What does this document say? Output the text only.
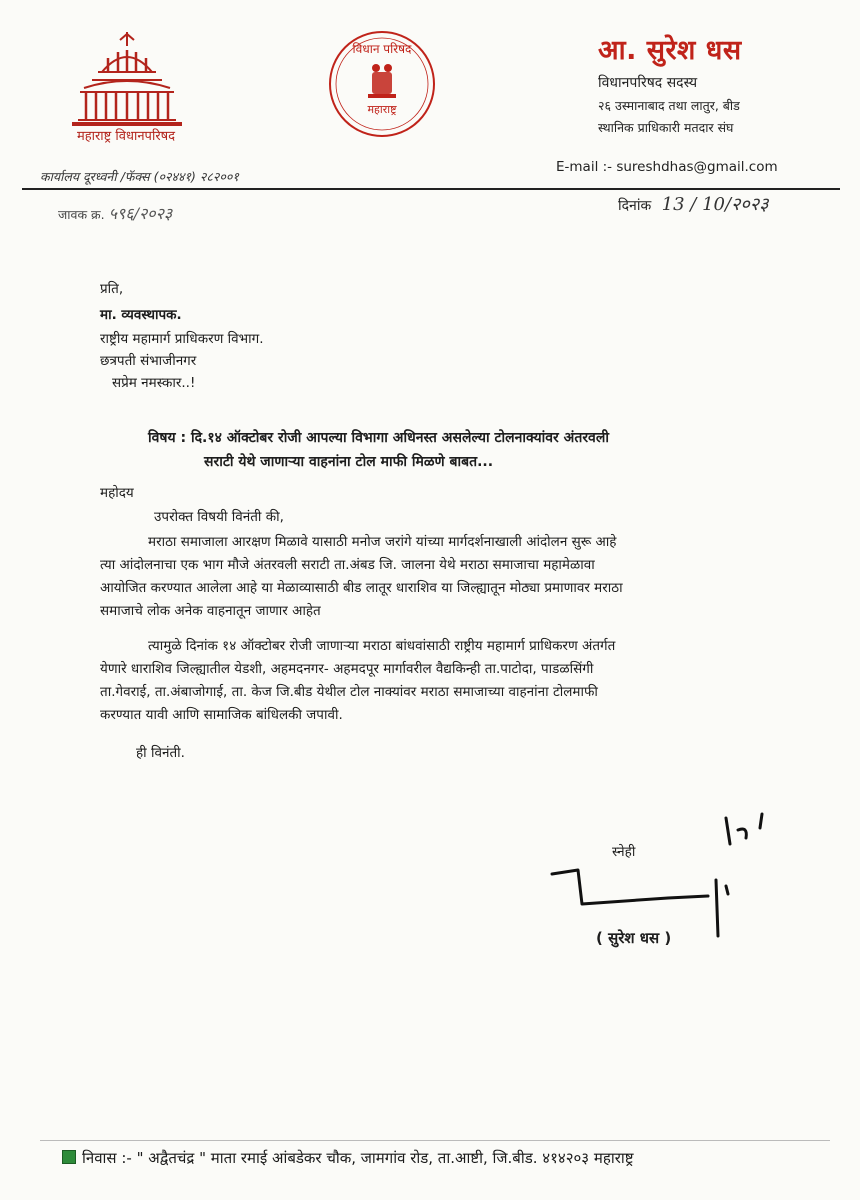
महाराष्ट्र विधानपरिषद
विधान परिषद
महाराष्ट्र
आ. सुरेश धस
विधानपरिषद सदस्य
२६ उस्मानाबाद तथा लातुर, बीड
स्थानिक प्राधिकारी मतदार संघ
कार्यालय दूरध्वनी /फॅक्स (०२४४१) २८२००१
E-mail :- sureshdhas@gmail.com
जावक क्र. ५९६/२०२३	दिनांक 13 / 10/२०२३
प्रति,
मा. व्यवस्थापक.
राष्ट्रीय महामार्ग प्राधिकरण विभाग.
छत्रपती संभाजीनगर
सप्रेम नमस्कार..!
विषय : दि.१४ ऑक्टोबर रोजी आपल्या विभागा अधिनस्त असलेल्या टोलनाक्यांवर अंतरवली
सराटी येथे जाणाऱ्या वाहनांना टोल माफी मिळणे बाबत...
महोदय
उपरोक्त विषयी विनंती की,

मराठा समाजाला आरक्षण मिळावे यासाठी मनोज जरांगे यांच्या मार्गदर्शनाखाली आंदोलन सुरू आहे

त्या आंदोलनाचा एक भाग मौजे अंतरवली सराटी ता.अंबड जि. जालना येथे मराठा समाजाचा महामेळावा

आयोजित करण्यात आलेला आहे या मेळाव्यासाठी बीड लातूर धाराशिव या जिल्ह्यातून मोठ्या प्रमाणावर मराठा

समाजाचे लोक अनेक वाहनातून जाणार आहेत

त्यामुळे दिनांक १४ ऑक्टोबर रोजी जाणाऱ्या मराठा बांधवांसाठी राष्ट्रीय महामार्ग प्राधिकरण अंतर्गत

येणारे धाराशिव जिल्ह्यातील येडशी, अहमदनगर- अहमदपूर मार्गावरील वैद्यकिन्ही ता.पाटोदा, पाडळसिंगी

ता.गेवराई, ता.अंबाजोगाई, ता. केज जि.बीड येथील टोल नाक्यांवर मराठा समाजाच्या वाहनांना टोलमाफी

करण्यात यावी आणि सामाजिक बांधिलकी जपावी.

ही विनंती.
स्नेही
( सुरेश धस )
निवास :- " अद्वैतचंद्र " माता रमाई आंबडेकर चौक, जामगांव रोड, ता.आष्टी, जि.बीड. ४१४२०३ महाराष्ट्र
